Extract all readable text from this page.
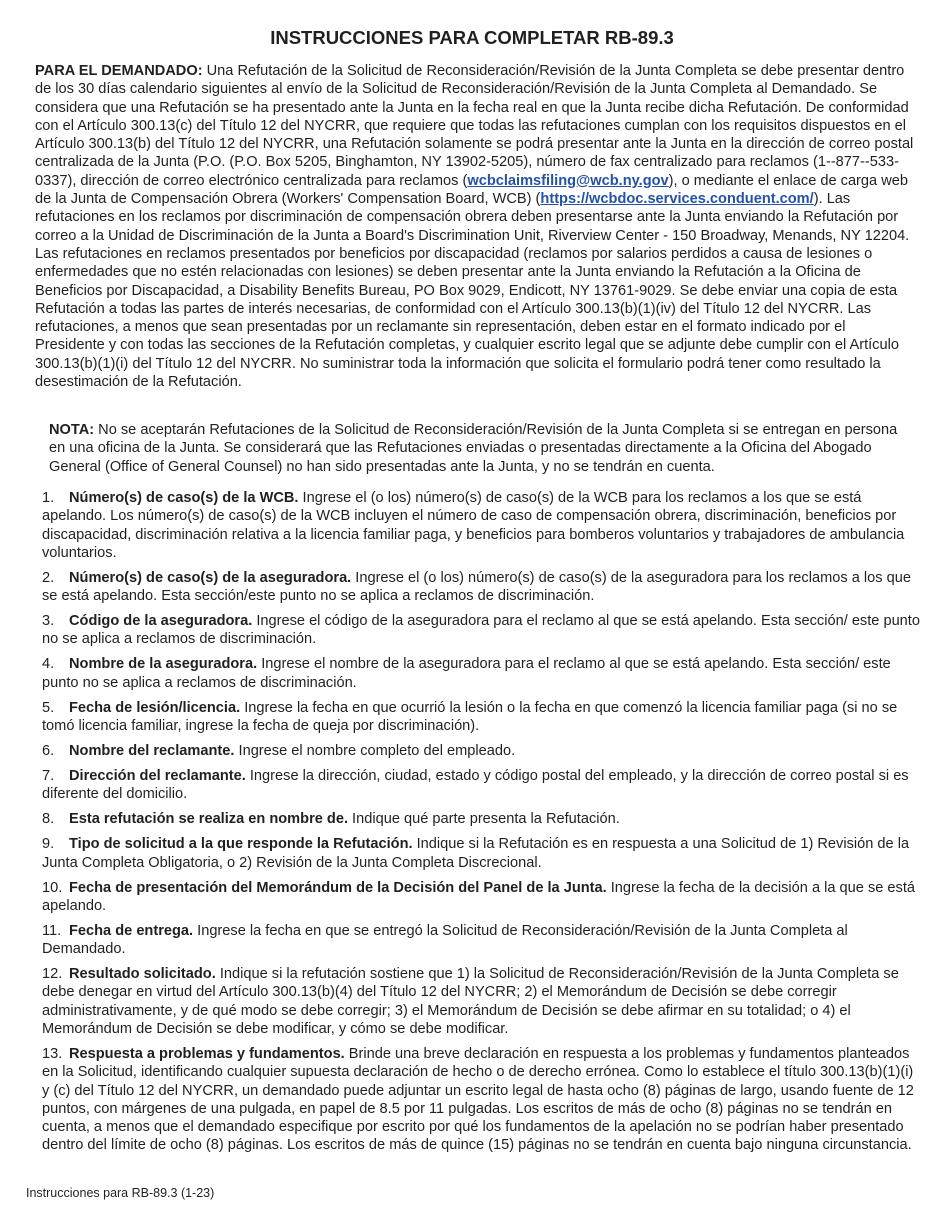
INSTRUCCIONES PARA COMPLETAR RB-89.3

PARA EL DEMANDADO: Una Refutación de la Solicitud de Reconsideración/Revisión de la Junta Completa se debe presentar dentro de los 30 días calendario siguientes al envío de la Solicitud de Reconsideración/Revisión de la Junta Completa al Demandado. Se considera que una Refutación se ha presentado ante la Junta en la fecha real en que la Junta recibe dicha Refutación. De conformidad con el Artículo 300.13(c) del Título 12 del NYCRR, que requiere que todas las refutaciones cumplan con los requisitos dispuestos en el Artículo 300.13(b) del Título 12 del NYCRR, una Refutación solamente se podrá presentar ante la Junta en la dirección de correo postal centralizada de la Junta (P.O. (P.O. Box 5205, Binghamton, NY 13902-5205), número de fax centralizado para reclamos (1--877--533-0337), dirección de correo electrónico centralizada para reclamos (wcbclaimsfiling@wcb.ny.gov), o mediante el enlace de carga web de la Junta de Compensación Obrera (Workers' Compensation Board, WCB) (https://wcbdoc.services.conduent.com/). Las refutaciones en los reclamos por discriminación de compensación obrera deben presentarse ante la Junta enviando la Refutación por correo a la Unidad de Discriminación de la Junta a Board's Discrimination Unit, Riverview Center - 150 Broadway, Menands, NY 12204. Las refutaciones en reclamos presentados por beneficios por discapacidad (reclamos por salarios perdidos a causa de lesiones o enfermedades que no estén relacionadas con lesiones) se deben presentar ante la Junta enviando la Refutación a la Oficina de Beneficios por Discapacidad, a Disability Benefits Bureau, PO Box 9029, Endicott, NY 13761-9029. Se debe enviar una copia de esta Refutación a todas las partes de interés necesarias, de conformidad con el Artículo 300.13(b)(1)(iv) del Título 12 del NYCRR. Las refutaciones, a menos que sean presentadas por un reclamante sin representación, deben estar en el formato indicado por el Presidente y con todas las secciones de la Refutación completas, y cualquier escrito legal que se adjunte debe cumplir con el Artículo 300.13(b)(1)(i) del Título 12 del NYCRR. No suministrar toda la información que solicita el formulario podrá tener como resultado la desestimación de la Refutación.

NOTA: No se aceptarán Refutaciones de la Solicitud de Reconsideración/Revisión de la Junta Completa si se entregan en persona en una oficina de la Junta. Se considerará que las Refutaciones enviadas o presentadas directamente a la Oficina del Abogado General (Office of General Counsel) no han sido presentadas ante la Junta, y no se tendrán en cuenta.

1. Número(s) de caso(s) de la WCB. Ingrese el (o los) número(s) de caso(s) de la WCB para los reclamos a los que se está apelando. Los número(s) de caso(s) de la WCB incluyen el número de caso de compensación obrera, discriminación, beneficios por discapacidad, discriminación relativa a la licencia familiar paga, y beneficios para bomberos voluntarios y trabajadores de ambulancia voluntarios.
2. Número(s) de caso(s) de la aseguradora. Ingrese el (o los) número(s) de caso(s) de la aseguradora para los reclamos a los que se está apelando. Esta sección/este punto no se aplica a reclamos de discriminación.
3. Código de la aseguradora. Ingrese el código de la aseguradora para el reclamo al que se está apelando. Esta sección/ este punto no se aplica a reclamos de discriminación.
4. Nombre de la aseguradora. Ingrese el nombre de la aseguradora para el reclamo al que se está apelando. Esta sección/ este punto no se aplica a reclamos de discriminación.
5. Fecha de lesión/licencia. Ingrese la fecha en que ocurrió la lesión o la fecha en que comenzó la licencia familiar paga (si no se tomó licencia familiar, ingrese la fecha de queja por discriminación).
6. Nombre del reclamante. Ingrese el nombre completo del empleado.
7. Dirección del reclamante. Ingrese la dirección, ciudad, estado y código postal del empleado, y la dirección de correo postal si es diferente del domicilio.
8. Esta refutación se realiza en nombre de. Indique qué parte presenta la Refutación.
9. Tipo de solicitud a la que responde la Refutación. Indique si la Refutación es en respuesta a una Solicitud de 1) Revisión de la Junta Completa Obligatoria, o 2) Revisión de la Junta Completa Discrecional.
10. Fecha de presentación del Memorándum de la Decisión del Panel de la Junta. Ingrese la fecha de la decisión a la que se está apelando.
11. Fecha de entrega. Ingrese la fecha en que se entregó la Solicitud de Reconsideración/Revisión de la Junta Completa al Demandado.
12. Resultado solicitado. Indique si la refutación sostiene que 1) la Solicitud de Reconsideración/Revisión de la Junta Completa se debe denegar en virtud del Artículo 300.13(b)(4) del Título 12 del NYCRR; 2) el Memorándum de Decisión se debe corregir administrativamente, y de qué modo se debe corregir; 3) el Memorándum de Decisión se debe afirmar en su totalidad; o 4) el Memorándum de Decisión se debe modificar, y cómo se debe modificar.
13. Respuesta a problemas y fundamentos. Brinde una breve declaración en respuesta a los problemas y fundamentos planteados en la Solicitud, identificando cualquier supuesta declaración de hecho o de derecho errónea. Como lo establece el título 300.13(b)(1)(i) y (c) del Título 12 del NYCRR, un demandado puede adjuntar un escrito legal de hasta ocho (8) páginas de largo, usando fuente de 12 puntos, con márgenes de una pulgada, en papel de 8.5 por 11 pulgadas. Los escritos de más de ocho (8) páginas no se tendrán en cuenta, a menos que el demandado especifique por escrito por qué los fundamentos de la apelación no se podrían haber presentado dentro del límite de ocho (8) páginas. Los escritos de más de quince (15) páginas no se tendrán en cuenta bajo ninguna circunstancia.
Instrucciones para RB-89.3 (1-23)
